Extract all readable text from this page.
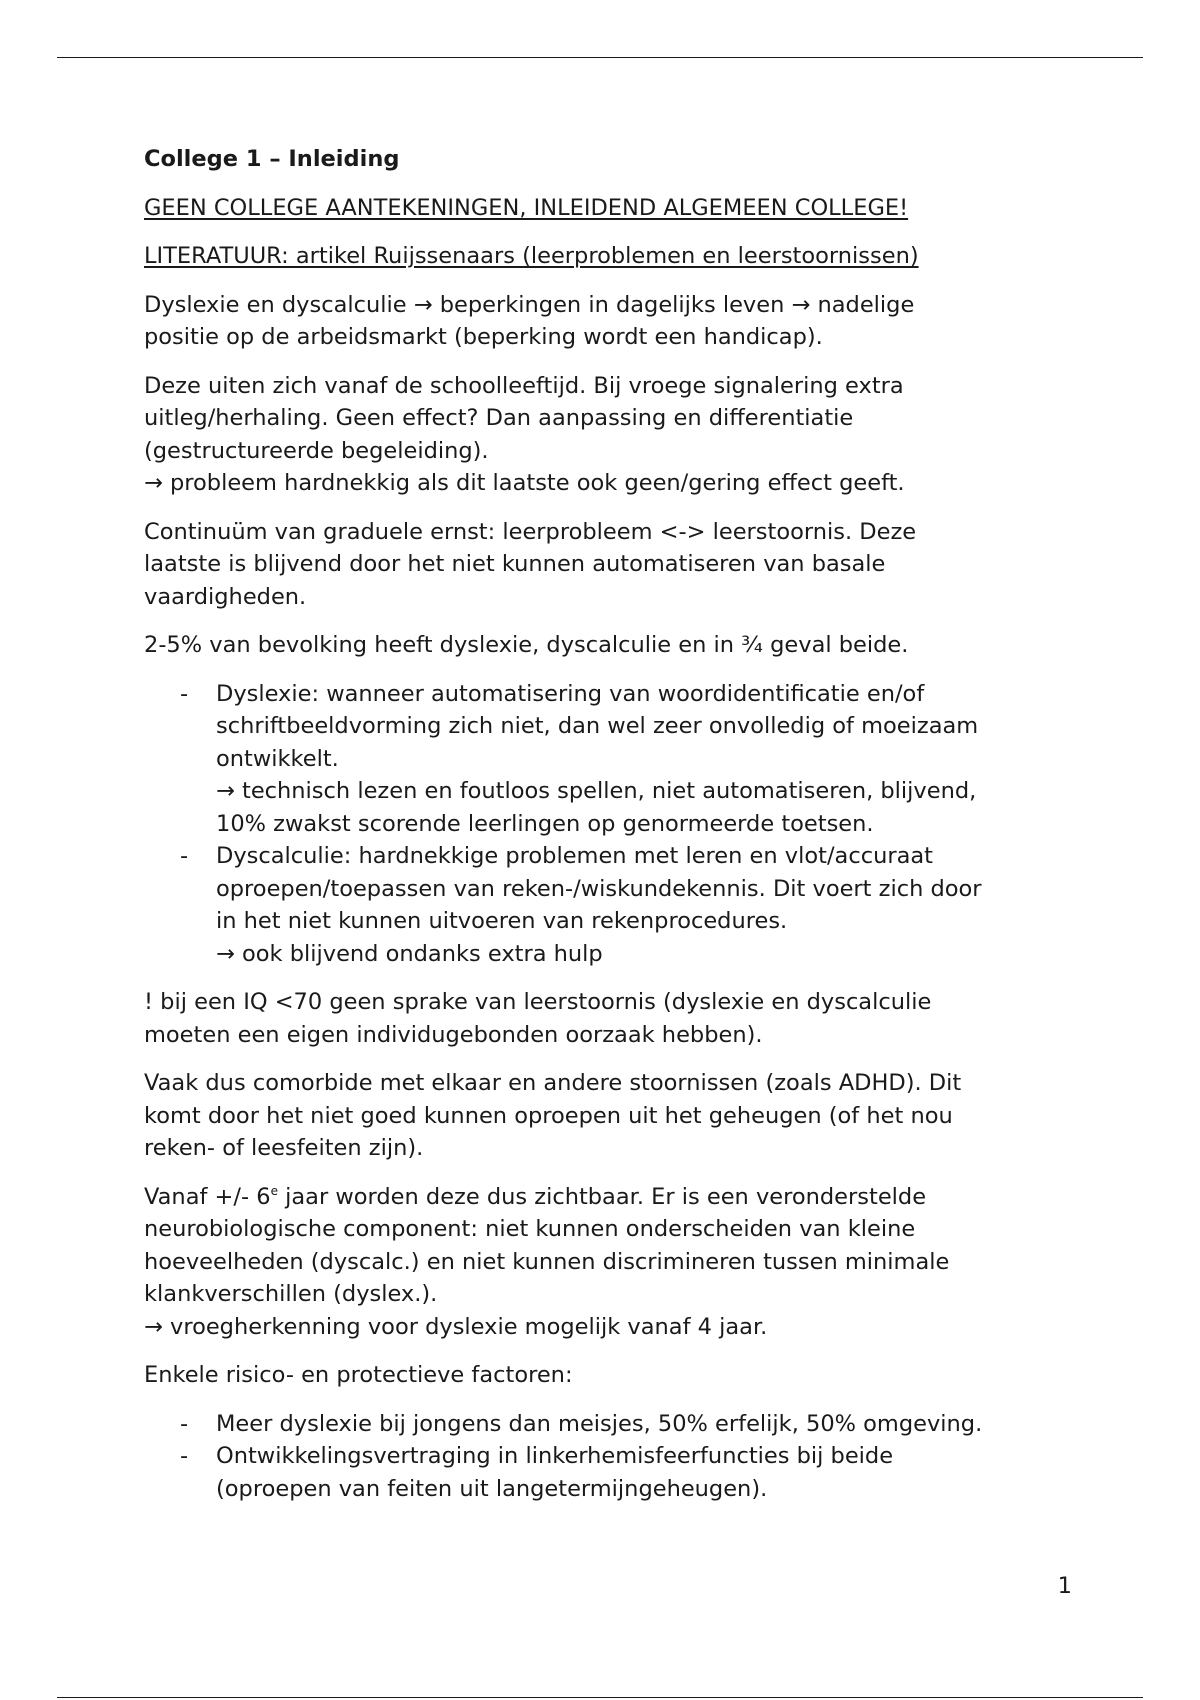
College 1 – Inleiding

GEEN COLLEGE AANTEKENINGEN, INLEIDEND ALGEMEEN COLLEGE!

LITERATUUR: artikel Ruijssenaars (leerproblemen en leerstoornissen)

Dyslexie en dyscalculie → beperkingen in dagelijks leven → nadelige
positie op de arbeidsmarkt (beperking wordt een handicap).

Deze uiten zich vanaf de schoolleeftijd. Bij vroege signalering extra
uitleg/herhaling. Geen effect? Dan aanpassing en differentiatie
(gestructureerde begeleiding).
→ probleem hardnekkig als dit laatste ook geen/gering effect geeft.

Continuüm van graduele ernst: leerprobleem <-> leerstoornis. Deze
laatste is blijvend door het niet kunnen automatiseren van basale
vaardigheden.

2-5% van bevolking heeft dyslexie, dyscalculie en in ¾ geval beide.

- Dyslexie: wanneer automatisering van woordidentificatie en/of
schriftbeeldvorming zich niet, dan wel zeer onvolledig of moeizaam
ontwikkelt.
→ technisch lezen en foutloos spellen, niet automatiseren, blijvend,
10% zwakst scorende leerlingen op genormeerde toetsen.
- Dyscalculie: hardnekkige problemen met leren en vlot/accuraat
oproepen/toepassen van reken-/wiskundekennis. Dit voert zich door
in het niet kunnen uitvoeren van rekenprocedures.
→ ook blijvend ondanks extra hulp

! bij een IQ <70 geen sprake van leerstoornis (dyslexie en dyscalculie
moeten een eigen individugebonden oorzaak hebben).

Vaak dus comorbide met elkaar en andere stoornissen (zoals ADHD). Dit
komt door het niet goed kunnen oproepen uit het geheugen (of het nou
reken- of leesfeiten zijn).

Vanaf +/- 6e jaar worden deze dus zichtbaar. Er is een veronderstelde
neurobiologische component: niet kunnen onderscheiden van kleine
hoeveelheden (dyscalc.) en niet kunnen discrimineren tussen minimale
klankverschillen (dyslex.).
→ vroegherkenning voor dyslexie mogelijk vanaf 4 jaar.

Enkele risico- en protectieve factoren:

- Meer dyslexie bij jongens dan meisjes, 50% erfelijk, 50% omgeving.
- Ontwikkelingsvertraging in linkerhemisfeerfuncties bij beide
(oproepen van feiten uit langetermijngeheugen).
1
